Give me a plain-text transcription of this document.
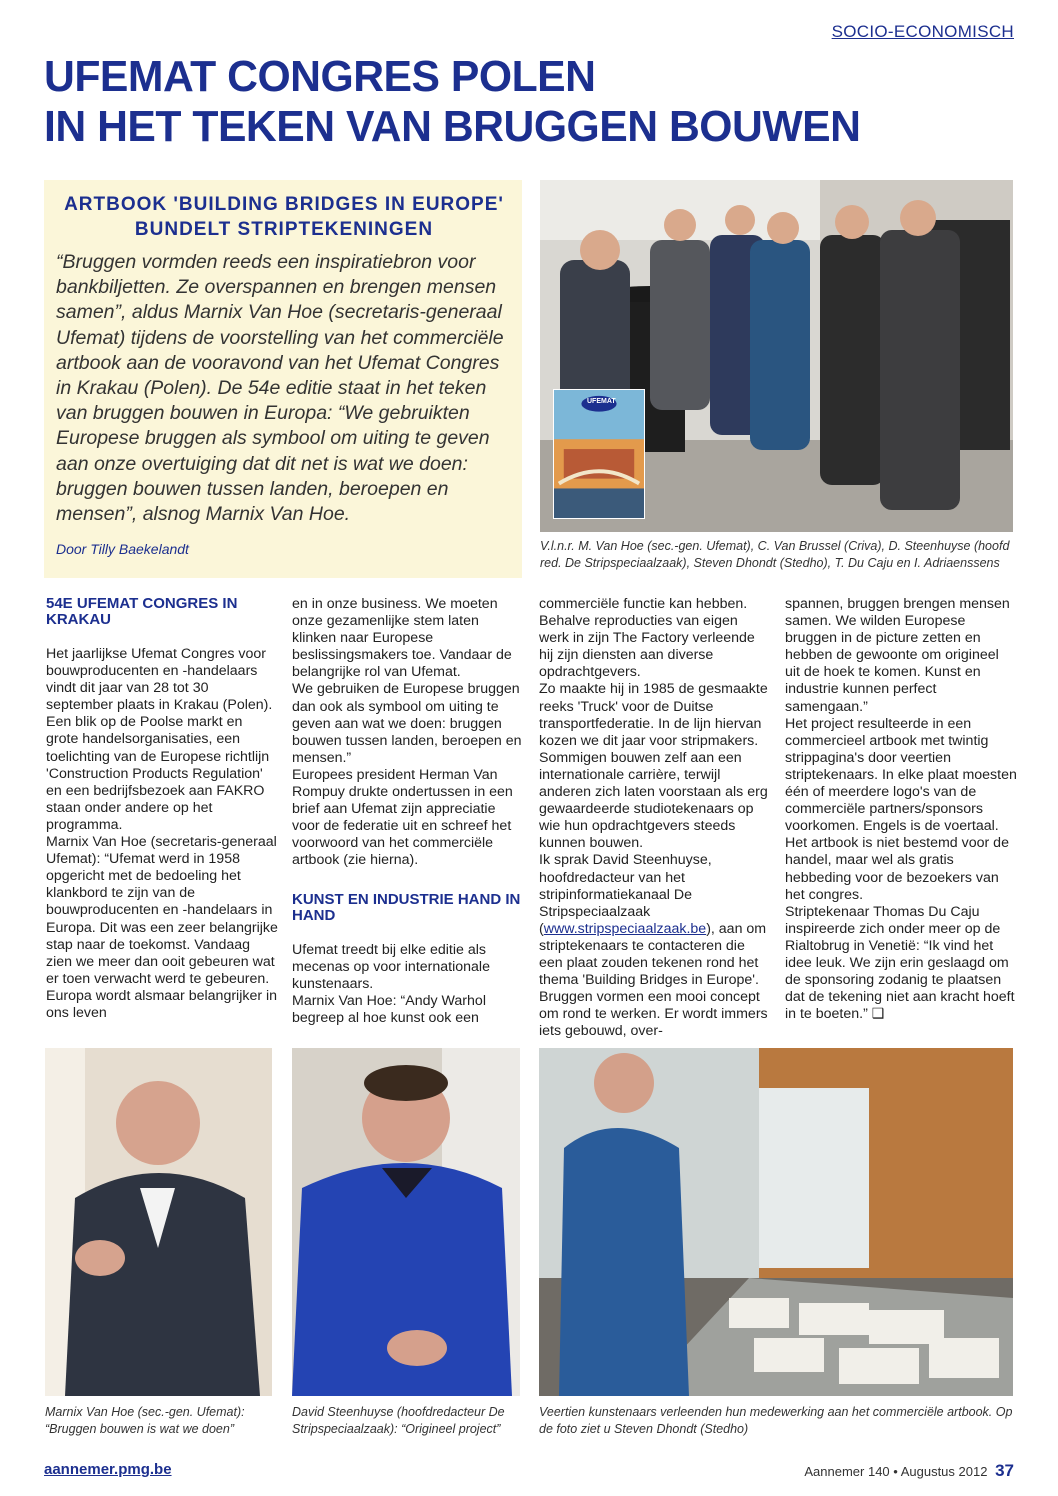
SOCIO-ECONOMISCH
UFEMAT CONGRES POLEN
IN HET TEKEN VAN BRUGGEN BOUWEN
ARTBOOK 'BUILDING BRIDGES IN EUROPE'
BUNDELT STRIPTEKENINGEN

“Bruggen vormden reeds een inspiratiebron voor bankbiljetten. Ze overspannen en brengen mensen samen”, aldus Marnix Van Hoe (secretaris-generaal Ufemat) tijdens de voorstelling van het commerciële artbook aan de vooravond van het Ufemat Congres in Krakau (Polen). De 54e editie staat in het teken van bruggen bouwen in Europa: “We gebruikten Europese bruggen als symbool om uiting te geven aan onze overtuiging dat dit net is wat we doen: bruggen bouwen tussen landen, beroepen en mensen”, alsnog Marnix Van Hoe.

Door Tilly Baekelandt

UFEMAT
V.l.n.r. M. Van Hoe (sec.-gen. Ufemat), C. Van Brussel (Criva), D. Steenhuyse (hoofd red. De Stripspeciaalzaak), Steven Dhondt (Stedho), T. Du Caju en I. Adriaenssens
54E UFEMAT CONGRES IN KRAKAU

Het jaarlijkse Ufemat Congres voor bouwproducenten en -handelaars vindt dit jaar van 28 tot 30 september plaats in Krakau (Polen). Een blik op de Poolse markt en grote handelsorganisaties, een toelichting van de Europese richtlijn 'Construction Products Regulation' en een bedrijfsbezoek aan FAKRO staan onder andere op het programma.

Marnix Van Hoe (secretaris-generaal Ufemat): “Ufemat werd in 1958 opgericht met de bedoeling het klankbord te zijn van de bouwproducenten en -handelaars in Europa. Dit was een zeer belangrijke stap naar de toekomst. Vandaag zien we meer dan ooit gebeuren wat er toen verwacht werd te gebeuren. Europa wordt alsmaar belangrijker in ons leven

en in onze business. We moeten onze gezamenlijke stem laten klinken naar Europese beslissingsmakers toe. Vandaar de belangrijke rol van Ufemat.

We gebruiken de Europese bruggen dan ook als symbool om uiting te geven aan wat we doen: bruggen bouwen tussen landen, beroepen en mensen.”

Europees president Herman Van Rompuy drukte ondertussen in een brief aan Ufemat zijn appreciatie voor de federatie uit en schreef het voorwoord van het commerciële artbook (zie hierna).

KUNST EN INDUSTRIE HAND IN HAND

Ufemat treedt bij elke editie als mecenas op voor internationale kunstenaars.

Marnix Van Hoe: “Andy Warhol begreep al hoe kunst ook een

commerciële functie kan hebben. Behalve reproducties van eigen werk in zijn The Factory verleende hij zijn diensten aan diverse opdrachtgevers.

Zo maakte hij in 1985 de gesmaakte reeks 'Truck' voor de Duitse transportfederatie. In de lijn hiervan kozen we dit jaar voor stripmakers. Sommigen bouwen zelf aan een internationale carrière, terwijl anderen zich laten voorstaan als erg gewaardeerde studiotekenaars op wie hun opdrachtgevers steeds kunnen bouwen.

Ik sprak David Steenhuyse, hoofdredacteur van het stripinformatiekanaal De Stripspeciaalzaak (www.stripspeciaalzaak.be), aan om striptekenaars te contacteren die een plaat zouden tekenen rond het thema 'Building Bridges in Europe'. Bruggen vormen een mooi concept om rond te werken. Er wordt immers iets gebouwd, over-

spannen, bruggen brengen mensen samen. We wilden Europese bruggen in de picture zetten en hebben de gewoonte om origineel uit de hoek te komen. Kunst en industrie kunnen perfect samengaan.”

Het project resulteerde in een commercieel artbook met twintig strippagina's door veertien striptekenaars. In elke plaat moesten één of meerdere logo's van de commerciële partners/sponsors voorkomen. Engels is de voertaal. Het artbook is niet bestemd voor de handel, maar wel als gratis hebbeding voor de bezoekers van het congres.

Striptekenaar Thomas Du Caju inspireerde zich onder meer op de Rialtobrug in Venetië: “Ik vind het idee leuk. We zijn erin geslaagd om de sponsoring zodanig te plaatsen dat de tekening niet aan kracht hoeft in te boeten.” ❑

Marnix Van Hoe (sec.-gen. Ufemat): “Bruggen bouwen is wat we doen”
David Steenhuyse (hoofdredacteur De Stripspeciaalzaak): “Origineel project”
Veertien kunstenaars verleenden hun medewerking aan het commerciële artbook. Op de foto ziet u Steven Dhondt (Stedho)
aannemer.pmg.be	Aannemer 140 • Augustus 2012 37
